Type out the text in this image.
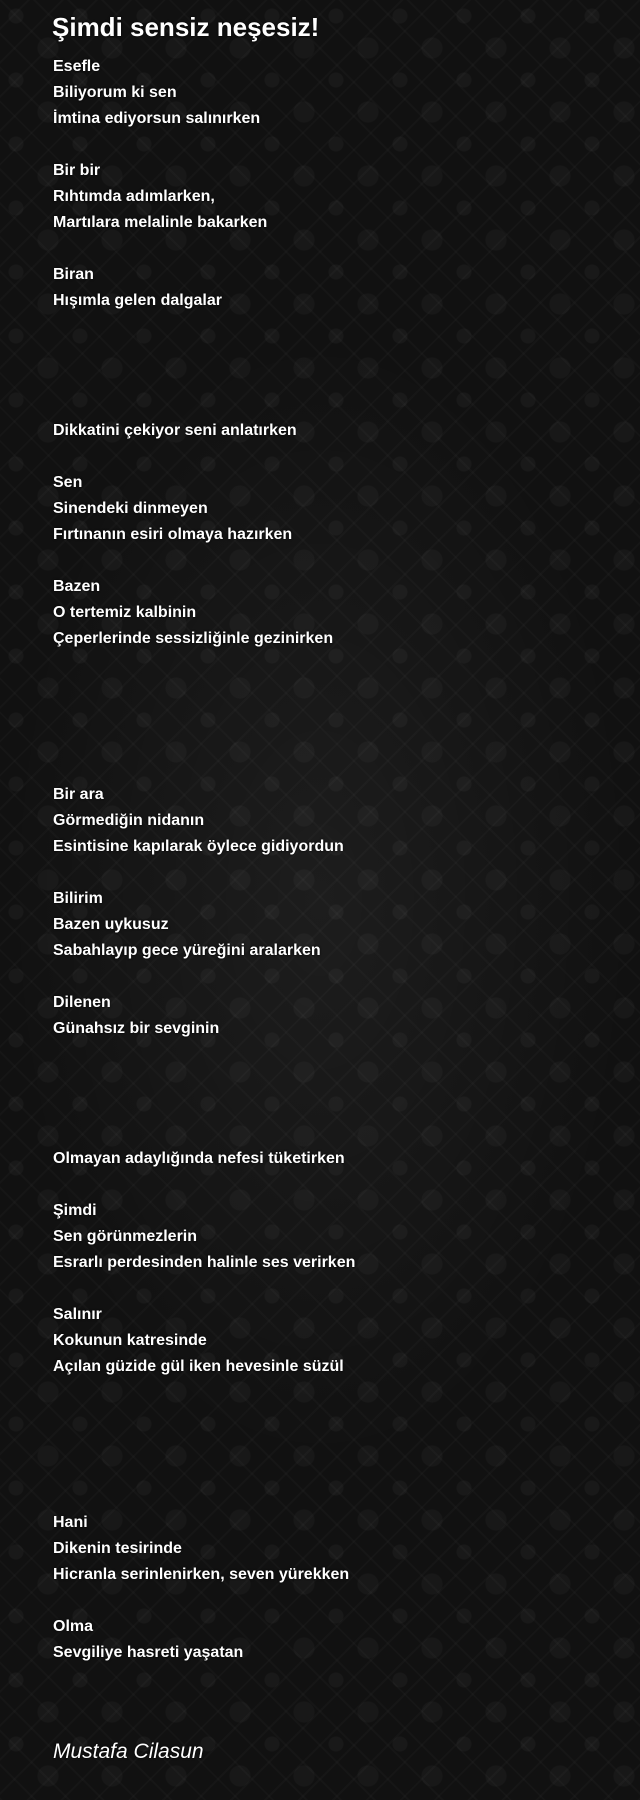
Şimdi sensiz neşesiz!
Esefle
Biliyorum ki sen
İmtina ediyorsun salınırken
Bir bir
Rıhtımda adımlarken,
Martılara melalinle bakarken
Biran
Hışımla gelen dalgalar
Dikkatini çekiyor seni anlatırken
Sen
Sinendeki dinmeyen
Fırtınanın esiri olmaya hazırken
Bazen
O tertemiz kalbinin
Çeperlerinde sessizliğinle gezinirken
Bir ara
Görmediğin nidanın
Esintisine kapılarak öylece gidiyordun
Bilirim
Bazen uykusuz
Sabahlayıp gece yüreğini aralarken
Dilenen
Günahsız bir sevginin
Olmayan adaylığında nefesi tüketirken
Şimdi
Sen görünmezlerin
Esrarlı perdesinden halinle ses verirken
Salınır
Kokunun katresinde
Açılan güzide gül iken hevesinle süzül
Hani
Dikenin tesirinde
Hicranla serinlenirken, seven yürekken
Olma
Sevgiliye hasreti yaşatan
Mustafa Cilasun
